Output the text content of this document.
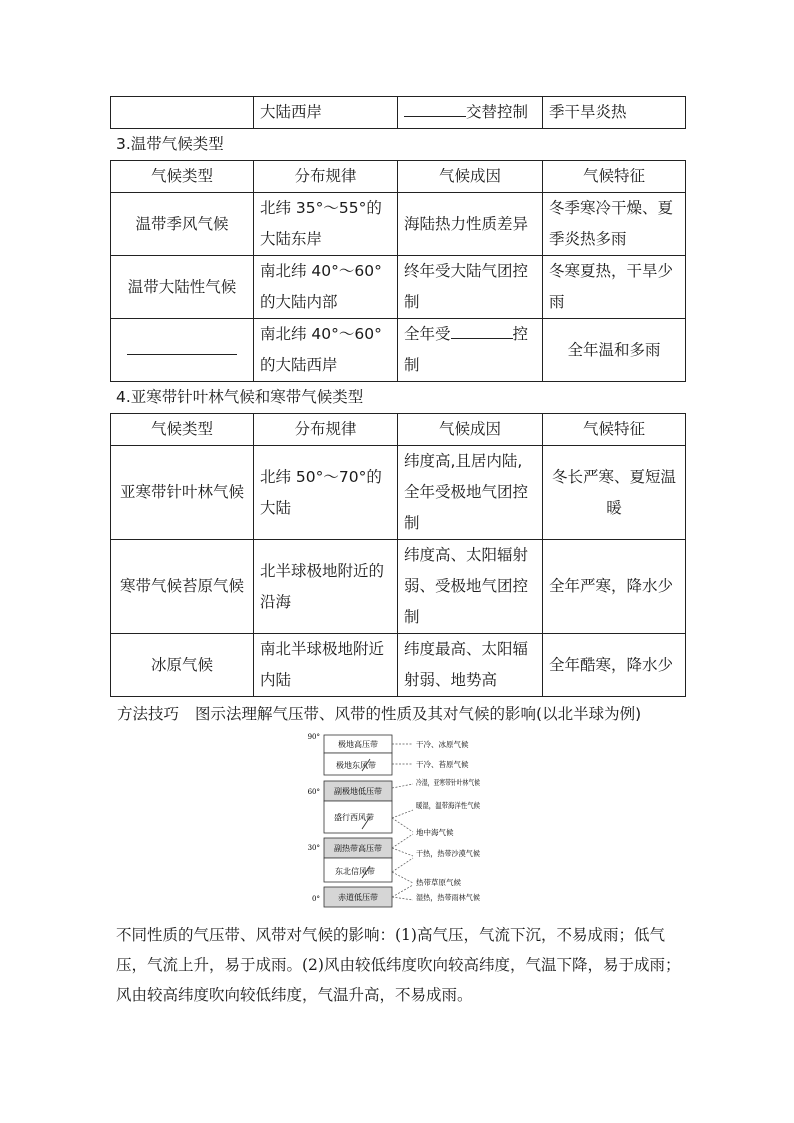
	大陆西岸	交替控制	季干旱炎热
3.温带气候类型
气候类型	分布规律	气候成因	气候特征
温带季风气候	北纬 35°～55°的大陆东岸	海陆热力性质差异	冬季寒冷干燥、夏季炎热多雨
温带大陆性气候	南北纬 40°～60°的大陆内部	终年受大陆气团控制	冬寒夏热，干旱少雨
	南北纬 40°～60°的大陆西岸	全年受 控制	全年温和多雨
4.亚寒带针叶林气候和寒带气候类型
气候类型	分布规律	气候成因	气候特征
亚寒带针叶林气候	北纬 50°～70°的大陆	纬度高,且居内陆,全年受极地气团控制	冬长严寒、夏短温暖
寒带气候苔原气候	北半球极地附近的沿海	纬度高、太阳辐射弱、受极地气团控制	全年严寒，降水少
冰原气候	南北半球极地附近内陆	纬度最高、太阳辐射弱、地势高	全年酷寒，降水少
方法技巧 图示法理解气压带、风带的性质及其对气候的影响(以北半球为例)
90°
60°
30°
0°
极地高压带
极地东风带
副极地低压带
盛行西风带
副热带高压带
东北信风带
赤道低压带
干冷、冰原气候
干冷、苔原气候
冷湿，亚寒带针叶林气候
暖湿，温带海洋性气候
地中海气候
干热，热带沙漠气候
热带草原气候
湿热，热带雨林气候
不同性质的气压带、风带对气候的影响：(1)高气压，气流下沉，不易成雨；低气压，气流上升，易于成雨。(2)风由较低纬度吹向较高纬度，气温下降，易于成雨；风由较高纬度吹向较低纬度，气温升高，不易成雨。
